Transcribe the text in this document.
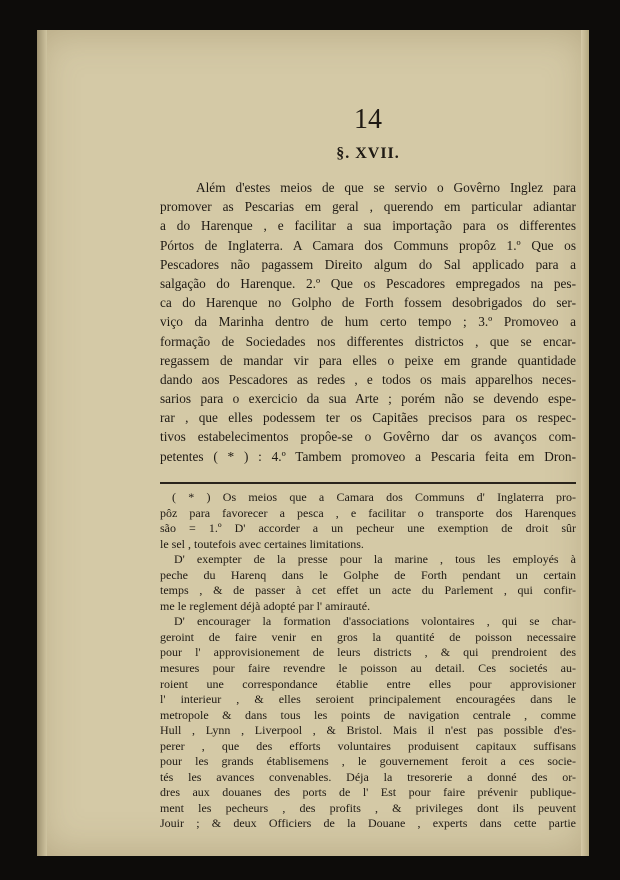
14
§. XVII.
Além d'estes meios de que se servio o Govêrno Inglez para
promover as Pescarias em geral , querendo em particular adiantar
a do Harenque , e facilitar a sua importação para os differentes
Pórtos de Inglaterra. A Camara dos Communs propôz 1.º Que os
Pescadores não pagassem Direito algum do Sal applicado para a
salgação do Harenque. 2.º Que os Pescadores empregados na pes-
ca do Harenque no Golpho de Forth fossem desobrigados do ser-
viço da Marinha dentro de hum certo tempo ; 3.º Promoveo a
formação de Sociedades nos differentes districtos , que se encar-
regassem de mandar vir para elles o peixe em grande quantidade
dando aos Pescadores as redes , e todos os mais apparelhos neces-
sarios para o exercicio da sua Arte ; porém não se devendo espe-
rar , que elles podessem ter os Capitães precisos para os respec-
tivos estabelecimentos propôe-se o Govêrno dar os avanços com-
petentes ( * ) : 4.º Tambem promoveo a Pescaria feita em Dron-
( * ) Os meios que a Camara dos Communs d' Inglaterra pro-
pôz para favorecer a pesca , e facilitar o transporte dos Harenques
são = 1.º D' accorder a un pecheur une exemption de droit sûr
le sel , toutefois avec certaines limitations.
D' exempter de la presse pour la marine , tous les employés à
peche du Harenq dans le Golphe de Forth pendant un certain
temps , & de passer à cet effet un acte du Parlement , qui confir-
me le reglement déjà adopté par l' amirauté.
D' encourager la formation d'associations volontaires , qui se char-
geroint de faire venir en gros la quantité de poisson necessaire
pour l' approvisionement de leurs districts , & qui prendroient des
mesures pour faire revendre le poisson au detail. Ces societés au-
roient une correspondance établie entre elles pour approvisioner
l' interieur , & elles seroient principalement encouragées dans le
metropole & dans tous les points de navigation centrale , comme
Hull , Lynn , Liverpool , & Bristol. Mais il n'est pas possible d'es-
perer , que des efforts voluntaires produisent capitaux suffisans
pour les grands établisemens , le gouvernement feroit a ces socie-
tés les avances convenables. Déja la tresorerie a donné des or-
dres aux douanes des ports de l' Est pour faire prévenir publique-
ment les pecheurs , des profits , & privileges dont ils peuvent
Jouir ; & deux Officiers de la Douane , experts dans cette partie
